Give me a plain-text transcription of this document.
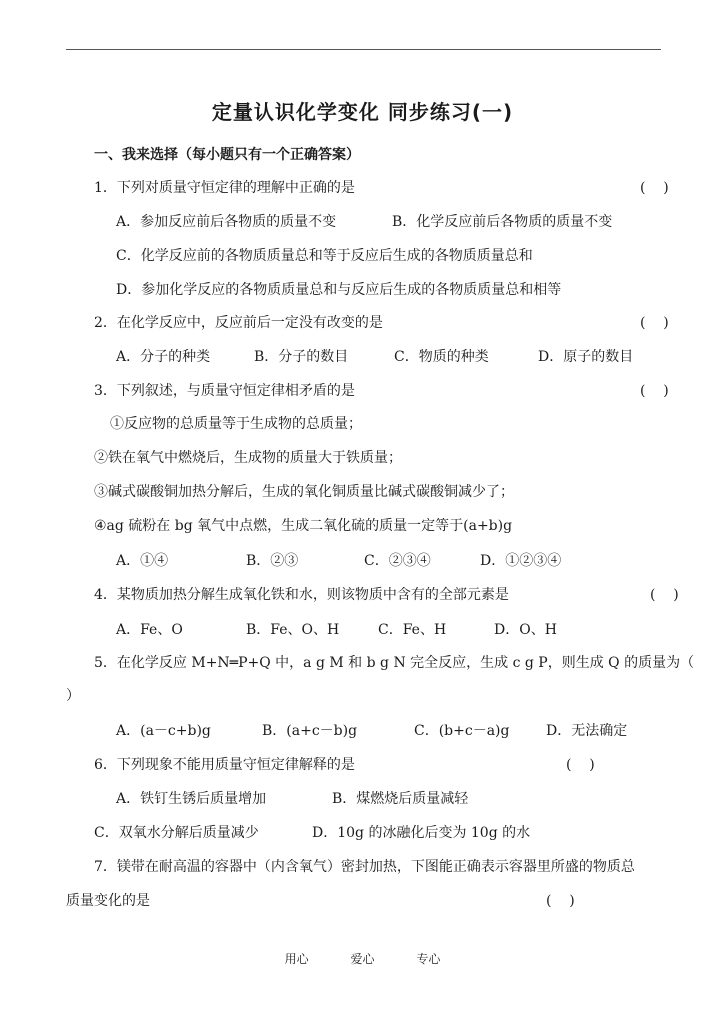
定量认识化学变化 同步练习(一)
一、我来选择（每小题只有一个正确答案）
1．下列对质量守恒定律的理解中正确的是	(    )
A．参加反应前后各物质的质量不变	B．化学反应前后各物质的质量不变
C．化学反应前的各物质质量总和等于反应后生成的各物质质量总和
D．参加化学反应的各物质质量总和与反应后生成的各物质质量总和相等
2．在化学反应中，反应前后一定没有改变的是	(    )
A．分子的种类	B．分子的数目	C．物质的种类	D．原子的数目
3．下列叙述，与质量守恒定律相矛盾的是	(    )
①反应物的总质量等于生成物的总质量；
②铁在氧气中燃烧后，生成物的质量大于铁质量；
③碱式碳酸铜加热分解后，生成的氧化铜质量比碱式碳酸铜减少了；
④ag 硫粉在 bg 氧气中点燃，生成二氧化硫的质量一定等于(a+b)g
A．①④	B．②③	C．②③④	D．①②③④
4．某物质加热分解生成氧化铁和水，则该物质中含有的全部元素是	(    )
A．Fe、O	B．Fe、O、H	C．Fe、H	D．O、H
5．在化学反应 M+N═P+Q 中，a g M 和 b g N 完全反应，生成 c g P，则生成 Q 的质量为（
）
A．(a－c+b)g	B．(a+c－b)g	C．(b+c－a)g	D．无法确定
6．下列现象不能用质量守恒定律解释的是	(    )
A．铁钉生锈后质量增加	B．煤燃烧后质量减轻
C．双氧水分解后质量减少	D．10g 的冰融化后变为 10g 的水
7．镁带在耐高温的容器中（内含氧气）密封加热，下图能正确表示容器里所盛的物质总
质量变化的是	(    )
用心	爱心	专心
